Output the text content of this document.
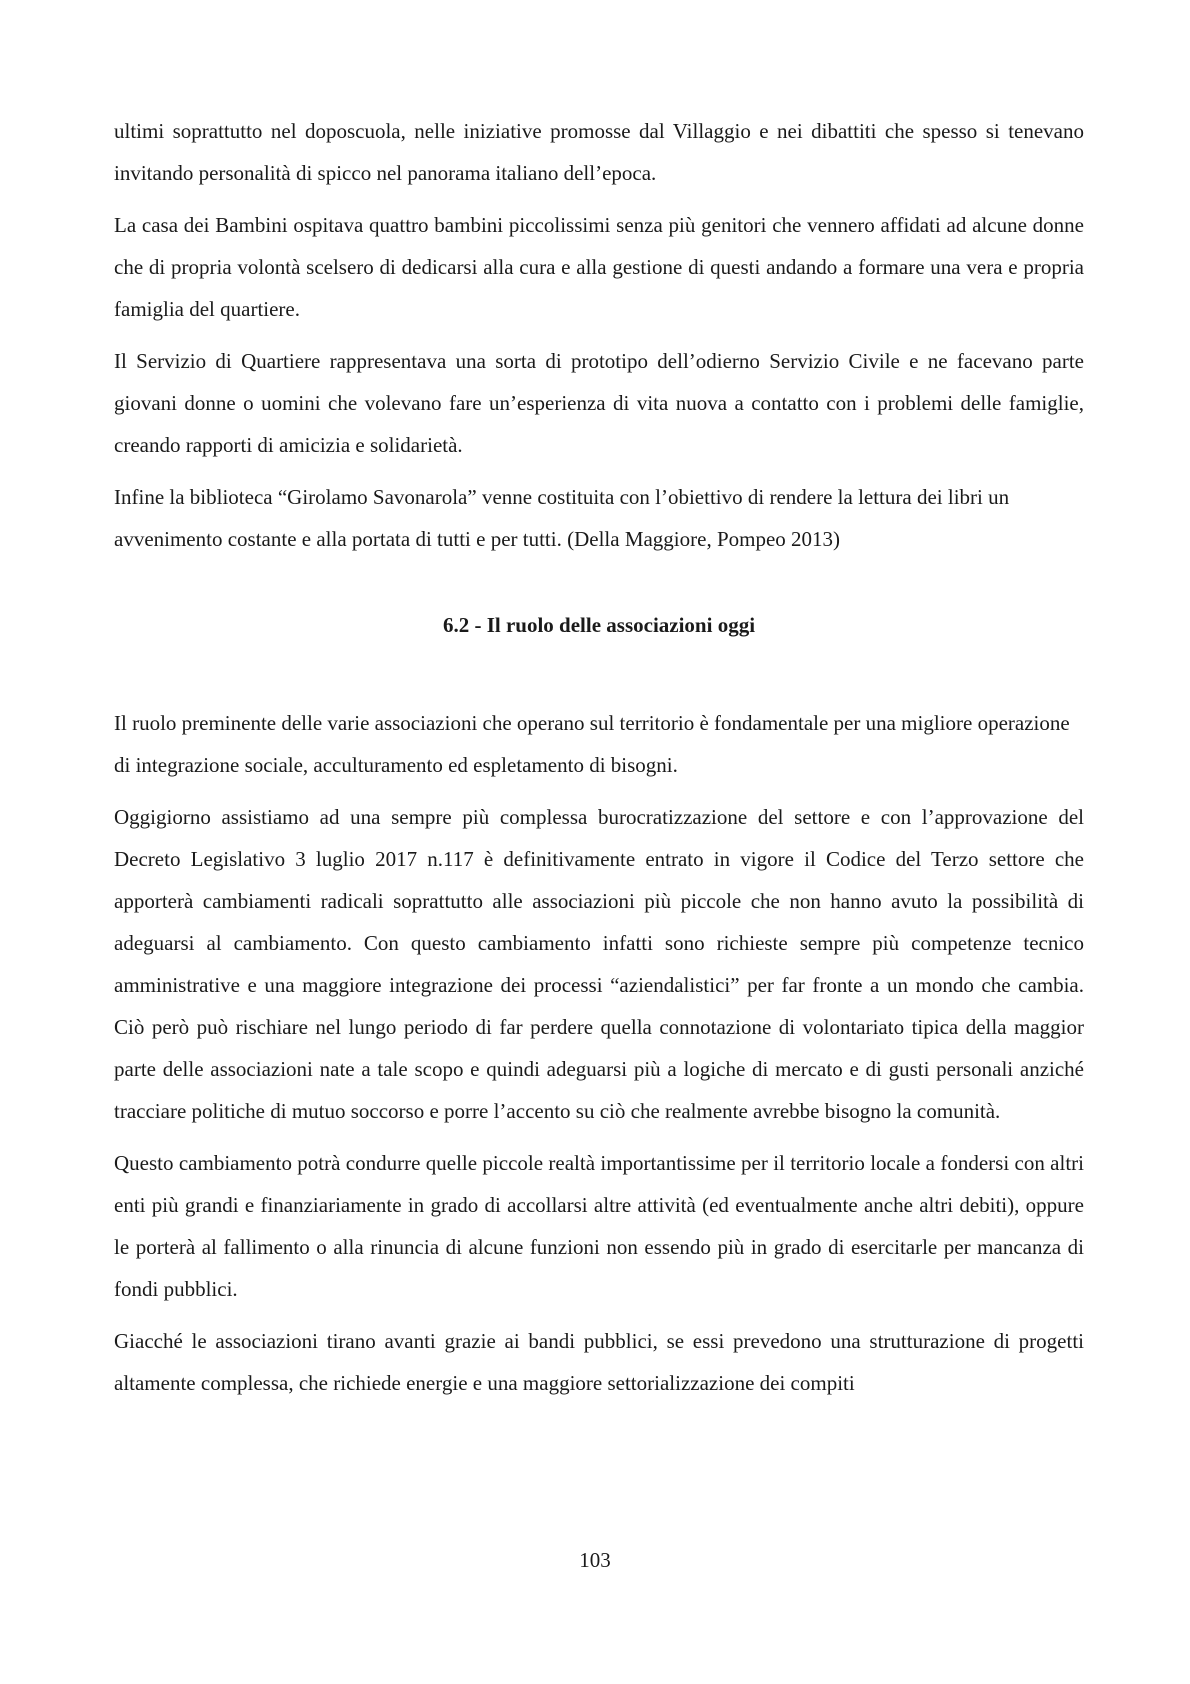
ultimi soprattutto nel doposcuola, nelle iniziative promosse dal Villaggio e nei dibattiti che spesso si tenevano invitando personalità di spicco nel panorama italiano dell’epoca.

La casa dei Bambini ospitava quattro bambini piccolissimi senza più genitori che vennero affidati ad alcune donne che di propria volontà scelsero di dedicarsi alla cura e alla gestione di questi andando a formare una vera e propria famiglia del quartiere.

Il Servizio di Quartiere rappresentava una sorta di prototipo dell’odierno Servizio Civile e ne facevano parte giovani donne o uomini che volevano fare un’esperienza di vita nuova a contatto con i problemi delle famiglie, creando rapporti di amicizia e solidarietà.

Infine la biblioteca “Girolamo Savonarola” venne costituita con l’obiettivo di rendere la lettura dei libri un avvenimento costante e alla portata di tutti e per tutti. (Della Maggiore, Pompeo 2013)

6.2 - Il ruolo delle associazioni oggi

Il ruolo preminente delle varie associazioni che operano sul territorio è fondamentale per una migliore operazione di integrazione sociale, acculturamento ed espletamento di bisogni.

Oggigiorno assistiamo ad una sempre più complessa burocratizzazione del settore e con l’approvazione del Decreto Legislativo 3 luglio 2017 n.117 è definitivamente entrato in vigore il Codice del Terzo settore che apporterà cambiamenti radicali soprattutto alle associazioni più piccole che non hanno avuto la possibilità di adeguarsi al cambiamento. Con questo cambiamento infatti sono richieste sempre più competenze tecnico amministrative e una maggiore integrazione dei processi “aziendalistici” per far fronte a un mondo che cambia. Ciò però può rischiare nel lungo periodo di far perdere quella connotazione di volontariato tipica della maggior parte delle associazioni nate a tale scopo e quindi adeguarsi più a logiche di mercato e di gusti personali anziché tracciare politiche di mutuo soccorso e porre l’accento su ciò che realmente avrebbe bisogno la comunità.

Questo cambiamento potrà condurre quelle piccole realtà importantissime per il territorio locale a fondersi con altri enti più grandi e finanziariamente in grado di accollarsi altre attività (ed eventualmente anche altri debiti), oppure le porterà al fallimento o alla rinuncia di alcune funzioni non essendo più in grado di esercitarle per mancanza di fondi pubblici.

Giacché le associazioni tirano avanti grazie ai bandi pubblici, se essi prevedono una strutturazione di progetti altamente complessa, che richiede energie e una maggiore settorializzazione dei compiti

103
